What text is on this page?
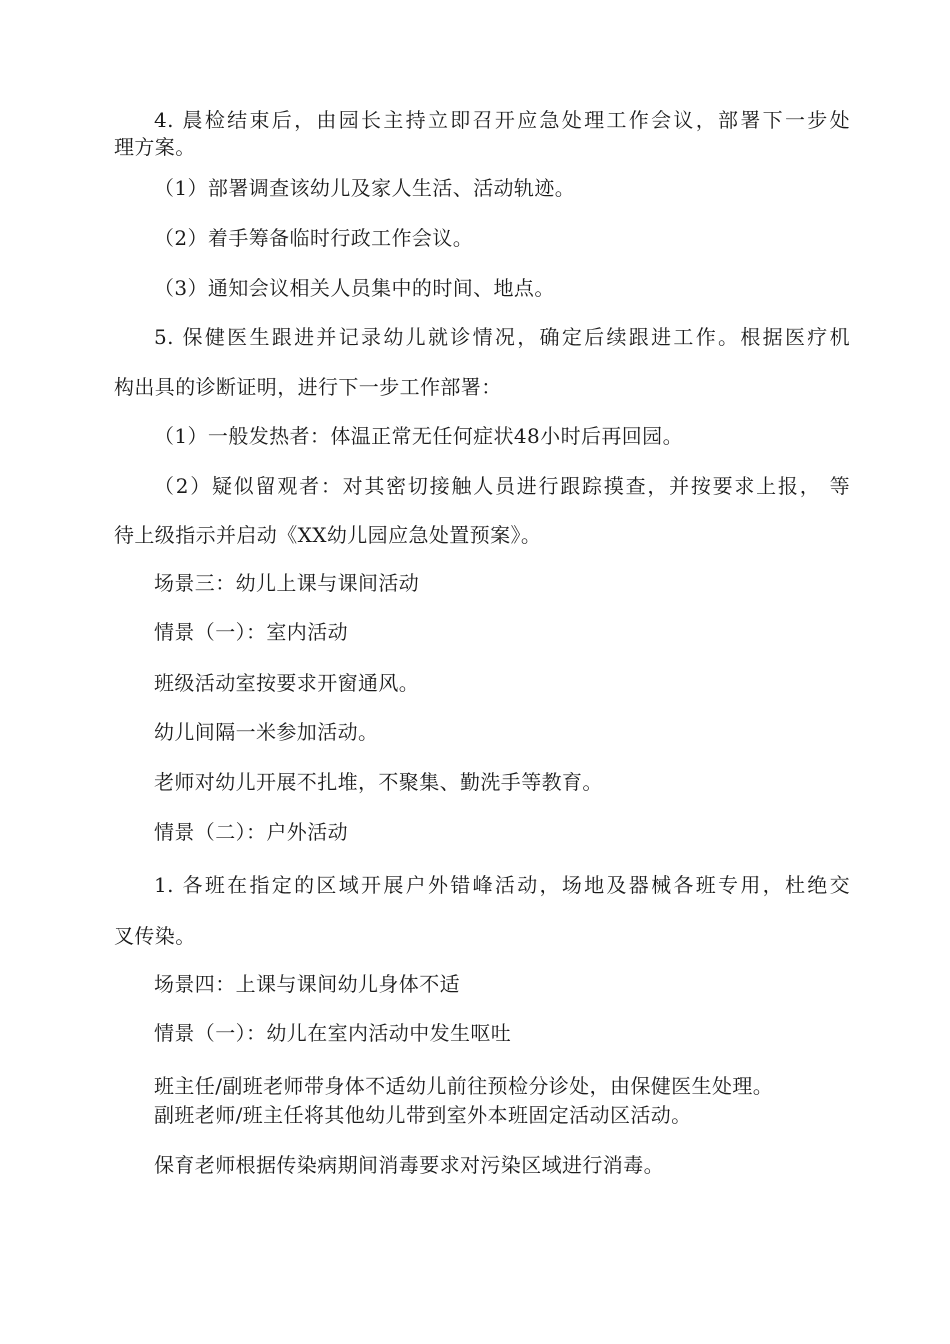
4. 晨检结束后，由园长主持立即召开应急处理工作会议，部署下一步处
理方案。
（1）部署调查该幼儿及家人生活、活动轨迹。
（2）着手筹备临时行政工作会议。
（3）通知会议相关人员集中的时间、地点。
5. 保健医生跟进并记录幼儿就诊情况，确定后续跟进工作。根据医疗机
构出具的诊断证明，进行下一步工作部署：
（1）一般发热者：体温正常无任何症状48小时后再回园。
（2）疑似留观者：对其密切接触人员进行跟踪摸查，并按要求上报， 等
待上级指示并启动《XX幼儿园应急处置预案》。
场景三：幼儿上课与课间活动
情景（一）：室内活动
班级活动室按要求开窗通风。
幼儿间隔一米参加活动。
老师对幼儿开展不扎堆，不聚集、勤洗手等教育。
情景（二）：户外活动
1. 各班在指定的区域开展户外错峰活动，场地及器械各班专用，杜绝交
叉传染。
场景四：上课与课间幼儿身体不适
情景（一）：幼儿在室内活动中发生呕吐
班主任/副班老师带身体不适幼儿前往预检分诊处，由保健医生处理。
副班老师/班主任将其他幼儿带到室外本班固定活动区活动。
保育老师根据传染病期间消毒要求对污染区域进行消毒。
